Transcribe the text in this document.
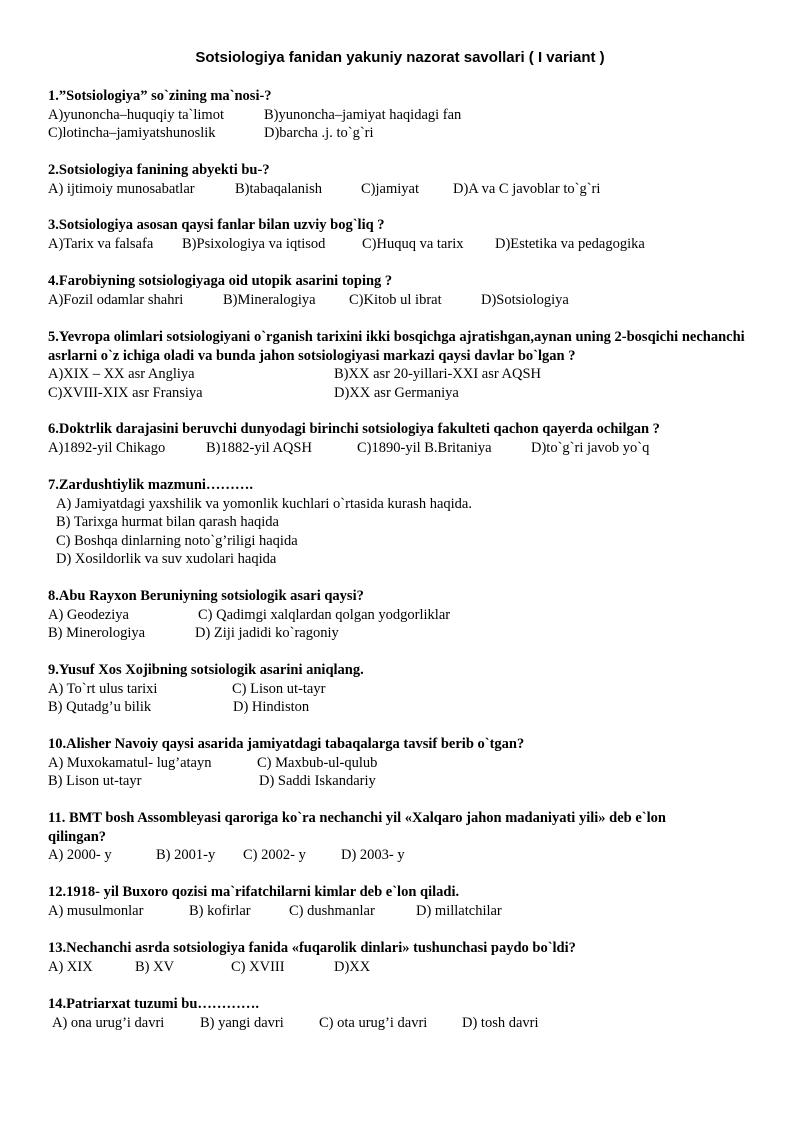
Sotsiologiya fanidan yakuniy nazorat savollari ( I variant )
1.”Sotsiologiya” so`zining ma`nosi-?
A)yunoncha–huquqiy ta`limot	B)yunoncha–jamiyat haqidagi fan
C)lotincha–jamiyatshunoslik	D)barcha .j. to`g`ri
2.Sotsiologiya fanining abyekti bu-?
A) ijtimoiy munosabatlar	B)tabaqalanish	C)jamiyat D)A va C javoblar to`g`ri
3.Sotsiologiya asosan qaysi fanlar bilan uzviy bog`liq ?
A)Tarix va falsafa B)Psixologiya va iqtisod	C)Huquq va tarix D)Estetika va pedagogika
4.Farobiyning sotsiologiyaga oid utopik asarini toping ?
A)Fozil odamlar shahri	B)Mineralogiya C)Kitob ul ibrat	D)Sotsiologiya
5.Yevropa olimlari sotsiologiyani o`rganish tarixini ikki bosqichga ajratishgan,aynan uning 2-bosqichi nechanchi asrlarni o`z ichiga oladi va bunda jahon sotsiologiyasi markazi qaysi davlar bo`lgan ?
A)XIX – XX asr Angliya	B)XX asr 20-yillari-XXI asr AQSH
C)XVIII-XIX asr Fransiya	D)XX asr Germaniya
6.Doktrlik darajasini beruvchi dunyodagi birinchi sotsiologiya fakulteti qachon qayerda ochilgan ?
A)1892-yil Chikago	B)1882-yil AQSH	C)1890-yil B.Britaniya	D)to`g`ri javob yo`q
7.Zardushtiylik mazmuni……….
A) Jamiyatdagi yaxshilik va yomonlik kuchlari o`rtasida kurash haqida.
B) Tarixga hurmat bilan qarash haqida
C) Boshqa dinlarning noto`g’riligi haqida
D) Xosildorlik va suv xudolari haqida
8.Abu Rayxon Beruniyning sotsiologik asari qaysi?
A) Geodeziya	C) Qadimgi xalqlardan qolgan yodgorliklar
B) Minerologiya	D) Ziji jadidi ko`ragoniy
9.Yusuf Xos Xojibning sotsiologik asarini aniqlang.
A) To`rt ulus tarixi	C) Lison ut-tayr
B) Qutadg’u bilik	D) Hindiston
10.Alisher Navoiy qaysi asarida jamiyatdagi tabaqalarga tavsif berib o`tgan?
A) Muxokamatul- lug’atayn	C) Maxbub-ul-qulub
B) Lison ut-tayr	D) Saddi Iskandariy
11. BMT bosh Assombleyasi qaroriga ko`ra nechanchi yil «Xalqaro jahon madaniyati yili» deb e`lon qilingan?
A) 2000- y	B) 2001-y C) 2002- y D) 2003- y
12.1918- yil Buxoro qozisi ma`rifatchilarni kimlar deb e`lon qiladi.
A) musulmonlar	B) kofirlar	C) dushmanlar	D) millatchilar
13.Nechanchi asrda sotsiologiya fanida «fuqarolik dinlari» tushunchasi paydo bo`ldi?
A) XIX	B) XV	C) XVIII	D)XX
14.Patriarxat tuzumi bu………….
A) ona urug’i davri B) yangi davri C) ota urug’i davri D) tosh davri
